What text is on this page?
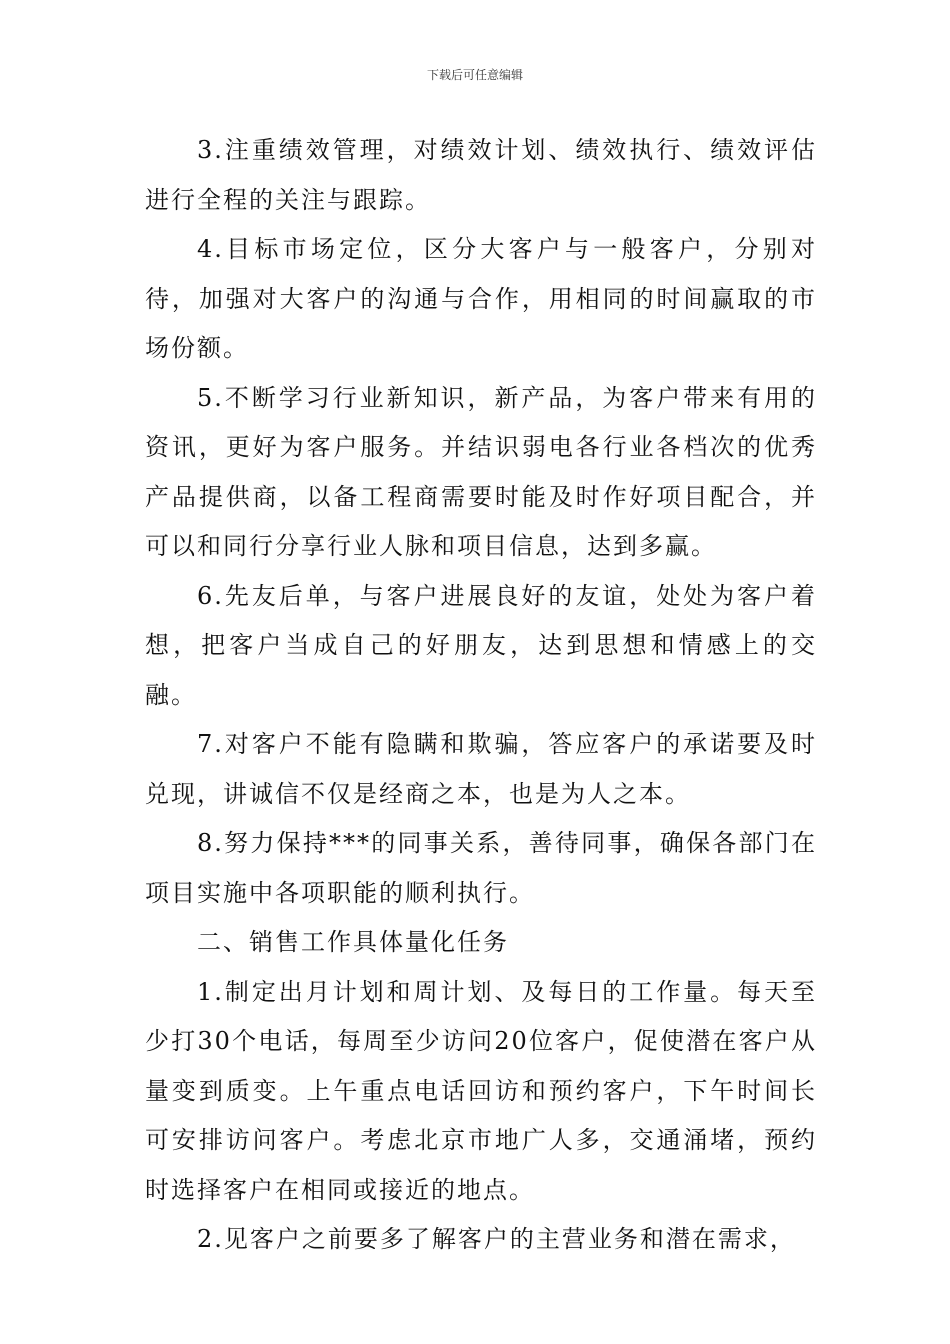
下载后可任意编辑

3.注重绩效管理，对绩效计划、绩效执行、绩效评估进行全程的关注与跟踪。

4.目标市场定位，区分大客户与一般客户，分别对待，加强对大客户的沟通与合作，用相同的时间赢取的市场份额。

5.不断学习行业新知识，新产品，为客户带来有用的资讯，更好为客户服务。并结识弱电各行业各档次的优秀产品提供商，以备工程商需要时能及时作好项目配合，并可以和同行分享行业人脉和项目信息，达到多赢。

6.先友后单，与客户进展良好的友谊，处处为客户着想，把客户当成自己的好朋友，达到思想和情感上的交融。

7.对客户不能有隐瞒和欺骗，答应客户的承诺要及时兑现，讲诚信不仅是经商之本，也是为人之本。

8.努力保持***的同事关系，善待同事，确保各部门在项目实施中各项职能的顺利执行。

二、销售工作具体量化任务

1.制定出月计划和周计划、及每日的工作量。每天至少打30个电话，每周至少访问20位客户，促使潜在客户从量变到质变。上午重点电话回访和预约客户，下午时间长可安排访问客户。考虑北京市地广人多，交通涌堵，预约时选择客户在相同或接近的地点。

2.见客户之前要多了解客户的主营业务和潜在需求，
